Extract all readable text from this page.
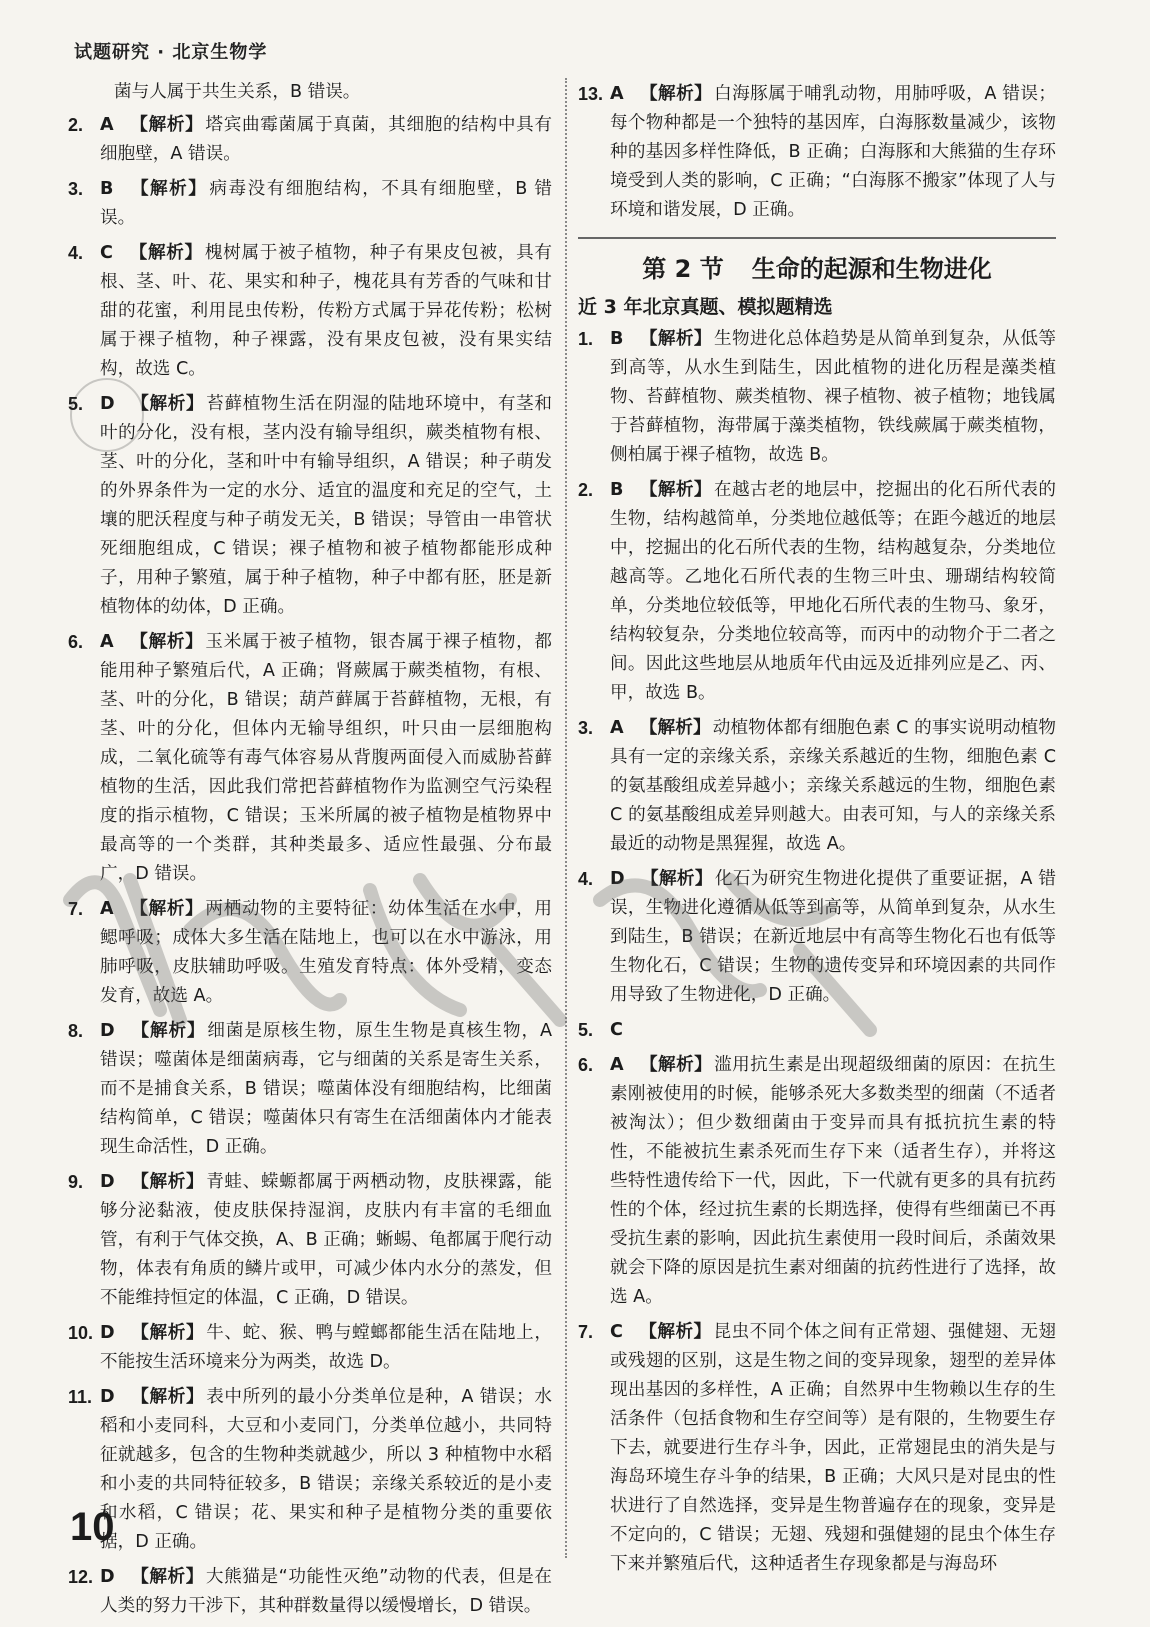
试题研究 · 北京生物学
菌与人属于共生关系，B 错误。
2. A 【解析】 塔宾曲霉菌属于真菌，其细胞的结构中具有细胞壁，A 错误。
3. B 【解析】 病毒没有细胞结构，不具有细胞壁，B 错误。
4. C 【解析】 槐树属于被子植物，种子有果皮包被，具有根、茎、叶、花、果实和种子，槐花具有芳香的气味和甘甜的花蜜，利用昆虫传粉，传粉方式属于异花传粉；松树属于裸子植物，种子裸露，没有果皮包被，没有果实结构，故选 C。
5. D 【解析】 苔藓植物生活在阴湿的陆地环境中，有茎和叶的分化，没有根，茎内没有输导组织，蕨类植物有根、茎、叶的分化，茎和叶中有输导组织，A 错误；种子萌发的外界条件为一定的水分、适宜的温度和充足的空气，土壤的肥沃程度与种子萌发无关，B 错误；导管由一串管状死细胞组成，C 错误；裸子植物和被子植物都能形成种子，用种子繁殖，属于种子植物，种子中都有胚，胚是新植物体的幼体，D 正确。
6. A 【解析】 玉米属于被子植物，银杏属于裸子植物，都能用种子繁殖后代，A 正确；肾蕨属于蕨类植物，有根、茎、叶的分化，B 错误；葫芦藓属于苔藓植物，无根，有茎、叶的分化，但体内无输导组织，叶只由一层细胞构成，二氧化硫等有毒气体容易从背腹两面侵入而威胁苔藓植物的生活，因此我们常把苔藓植物作为监测空气污染程度的指示植物，C 错误；玉米所属的被子植物是植物界中最高等的一个类群，其种类最多、适应性最强、分布最广，D 错误。
7. A 【解析】 两栖动物的主要特征：幼体生活在水中，用鳃呼吸；成体大多生活在陆地上，也可以在水中游泳，用肺呼吸，皮肤辅助呼吸。生殖发育特点：体外受精，变态发育，故选 A。
8. D 【解析】 细菌是原核生物，原生生物是真核生物，A 错误；噬菌体是细菌病毒，它与细菌的关系是寄生关系，而不是捕食关系，B 错误；噬菌体没有细胞结构，比细菌结构简单，C 错误；噬菌体只有寄生在活细菌体内才能表现生命活性，D 正确。
9. D 【解析】 青蛙、蝾螈都属于两栖动物，皮肤裸露，能够分泌黏液，使皮肤保持湿润，皮肤内有丰富的毛细血管，有利于气体交换，A、B 正确；蜥蜴、龟都属于爬行动物，体表有角质的鳞片或甲，可减少体内水分的蒸发，但不能维持恒定的体温，C 正确，D 错误。
10. D 【解析】 牛、蛇、猴、鸭与螳螂都能生活在陆地上，不能按生活环境来分为两类，故选 D。
11. D 【解析】 表中所列的最小分类单位是种，A 错误；水稻和小麦同科，大豆和小麦同门，分类单位越小，共同特征就越多，包含的生物种类就越少，所以 3 种植物中水稻和小麦的共同特征较多，B 错误；亲缘关系较近的是小麦和水稻，C 错误；花、果实和种子是植物分类的重要依据，D 正确。
12. D 【解析】 大熊猫是“功能性灭绝”动物的代表，但是在人类的努力干涉下，其种群数量得以缓慢增长，D 错误。
13. A 【解析】 白海豚属于哺乳动物，用肺呼吸，A 错误；每个物种都是一个独特的基因库，白海豚数量减少，该物种的基因多样性降低，B 正确；白海豚和大熊猫的生存环境受到人类的影响，C 正确；“白海豚不搬家”体现了人与环境和谐发展，D 正确。
第 2 节 生命的起源和生物进化
近 3 年北京真题、模拟题精选
1. B 【解析】 生物进化总体趋势是从简单到复杂，从低等到高等，从水生到陆生，因此植物的进化历程是藻类植物、苔藓植物、蕨类植物、裸子植物、被子植物；地钱属于苔藓植物，海带属于藻类植物，铁线蕨属于蕨类植物，侧柏属于裸子植物，故选 B。
2. B 【解析】 在越古老的地层中，挖掘出的化石所代表的生物，结构越简单，分类地位越低等；在距今越近的地层中，挖掘出的化石所代表的生物，结构越复杂，分类地位越高等。乙地化石所代表的生物三叶虫、珊瑚结构较简单，分类地位较低等，甲地化石所代表的生物马、象牙，结构较复杂，分类地位较高等，而丙中的动物介于二者之间。因此这些地层从地质年代由远及近排列应是乙、丙、甲，故选 B。
3. A 【解析】 动植物体都有细胞色素 C 的事实说明动植物具有一定的亲缘关系，亲缘关系越近的生物，细胞色素 C 的氨基酸组成差异越小；亲缘关系越远的生物，细胞色素 C 的氨基酸组成差异则越大。由表可知，与人的亲缘关系最近的动物是黑猩猩，故选 A。
4. D 【解析】 化石为研究生物进化提供了重要证据，A 错误，生物进化遵循从低等到高等，从简单到复杂，从水生到陆生，B 错误；在新近地层中有高等生物化石也有低等生物化石，C 错误；生物的遗传变异和环境因素的共同作用导致了生物进化，D 正确。
5. C
6. A 【解析】 滥用抗生素是出现超级细菌的原因：在抗生素刚被使用的时候，能够杀死大多数类型的细菌（不适者被淘汰）；但少数细菌由于变异而具有抵抗抗生素的特性，不能被抗生素杀死而生存下来（适者生存），并将这些特性遗传给下一代，因此，下一代就有更多的具有抗药性的个体，经过抗生素的长期选择，使得有些细菌已不再受抗生素的影响，因此抗生素使用一段时间后，杀菌效果就会下降的原因是抗生素对细菌的抗药性进行了选择，故选 A。
7. C 【解析】 昆虫不同个体之间有正常翅、强健翅、无翅或残翅的区别，这是生物之间的变异现象，翅型的差异体现出基因的多样性，A 正确；自然界中生物赖以生存的生活条件（包括食物和生存空间等）是有限的，生物要生存下去，就要进行生存斗争，因此，正常翅昆虫的消失是与海岛环境生存斗争的结果，B 正确；大风只是对昆虫的性状进行了自然选择，变异是生物普遍存在的现象，变异是不定向的，C 错误；无翅、残翅和强健翅的昆虫个体生存下来并繁殖后代，这种适者生存现象都是与海岛环
10
